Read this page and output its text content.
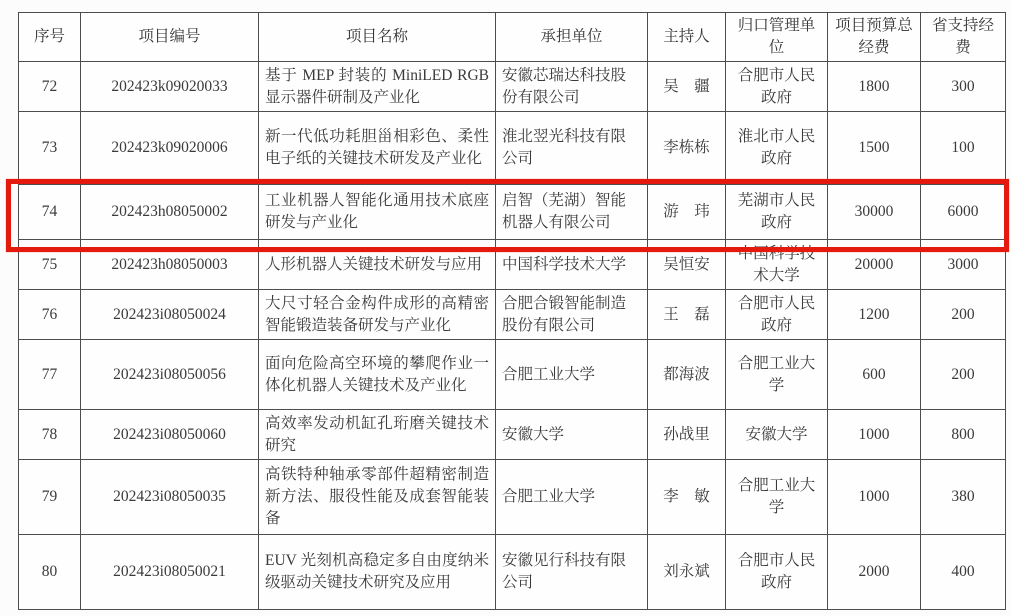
序号	项目编号	项目名称	承担单位	主持人	归口管理单位	项目预算总经费	省支持经费
72	202423k09020033	基于 MEP 封装的 MiniLED RGB 显示器件研制及产业化	安徽芯瑞达科技股份有限公司	吴　疆	合肥市人民政府	1800	300
73	202423k09020006	新一代低功耗胆甾相彩色、柔性电子纸的关键技术研发及产业化	淮北翌光科技有限公司	李栋栋	淮北市人民政府	1500	100
74	202423h08050002	工业机器人智能化通用技术底座研发与产业化	启智（芜湖）智能机器人有限公司	游　玮	芜湖市人民政府	30000	6000
75	202423h08050003	人形机器人关键技术研发与应用	中国科学技术大学	吴恒安	中国科学技术大学	20000	3000
76	202423i08050024	大尺寸轻合金构件成形的高精密智能锻造装备研发与产业化	合肥合锻智能制造股份有限公司	王　磊	合肥市人民政府	1200	200
77	202423i08050056	面向危险高空环境的攀爬作业一体化机器人关键技术及产业化	合肥工业大学	都海波	合肥工业大学	600	200
78	202423i08050060	高效率发动机缸孔珩磨关键技术研究	安徽大学	孙战里	安徽大学	1000	800
79	202423i08050035	高铁特种轴承零部件超精密制造新方法、服役性能及成套智能装备	合肥工业大学	李　敏	合肥工业大学	1000	380
80	202423i08050021	EUV 光刻机高稳定多自由度纳米级驱动关键技术研究及应用	安徽见行科技有限公司	刘永斌	合肥市人民政府	2000	400
